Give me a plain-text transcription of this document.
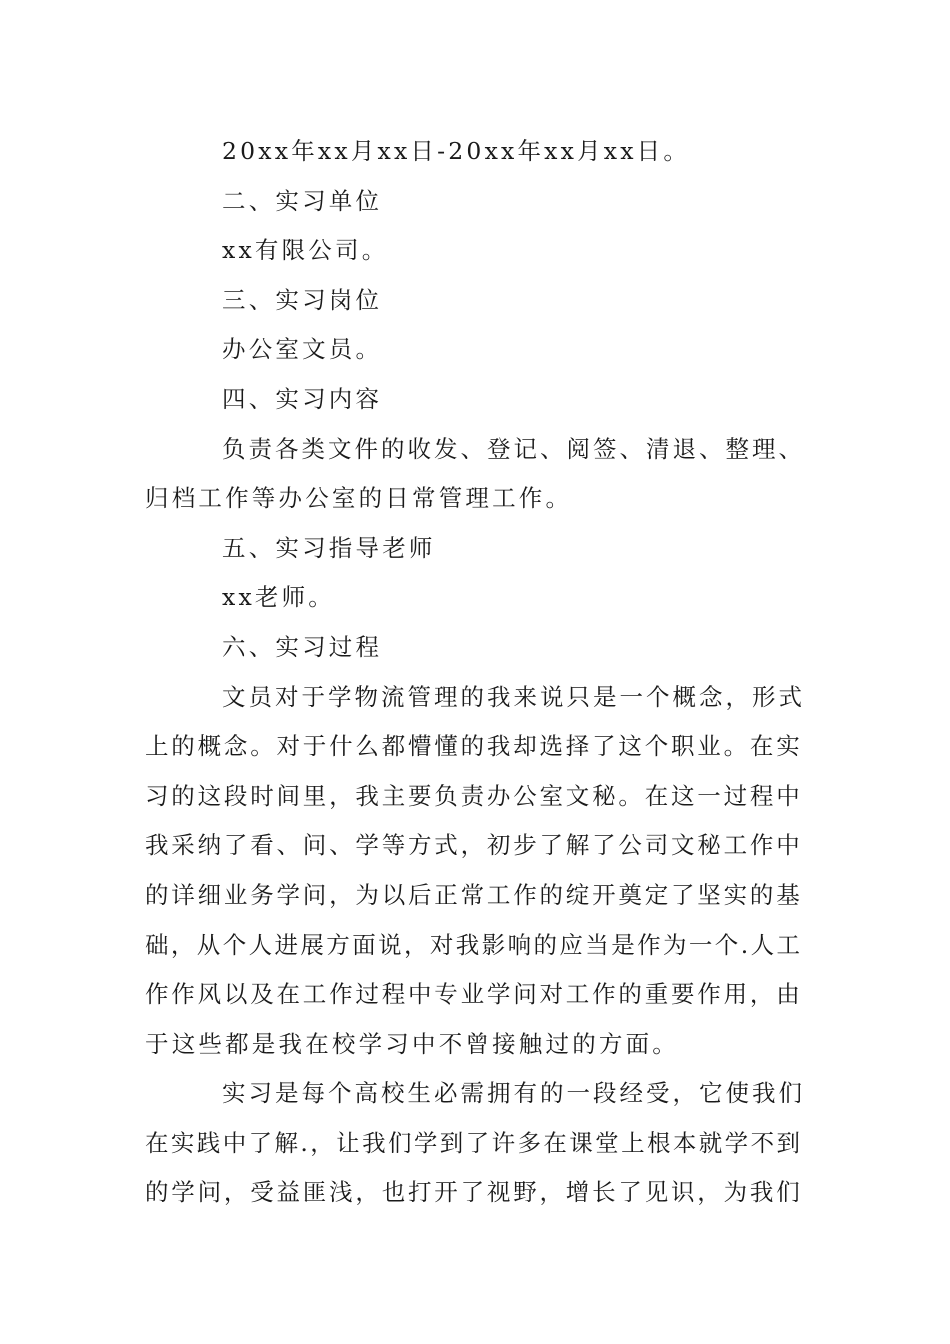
20xx年xx月xx日-20xx年xx月xx日。
二、实习单位
xx有限公司。
三、实习岗位
办公室文员。
四、实习内容
负责各类文件的收发、登记、阅签、清退、整理、
归档工作等办公室的日常管理工作。
五、实习指导老师
xx老师。
六、实习过程
文员对于学物流管理的我来说只是一个概念，形式
上的概念。对于什么都懵懂的我却选择了这个职业。在实
习的这段时间里，我主要负责办公室文秘。在这一过程中
我采纳了看、问、学等方式，初步了解了公司文秘工作中
的详细业务学问，为以后正常工作的绽开奠定了坚实的基
础，从个人进展方面说，对我影响的应当是作为一个.人工
作作风以及在工作过程中专业学问对工作的重要作用，由
于这些都是我在校学习中不曾接触过的方面。
实习是每个高校生必需拥有的一段经受，它使我们
在实践中了解.，让我们学到了许多在课堂上根本就学不到
的学问，受益匪浅，也打开了视野，增长了见识，为我们
